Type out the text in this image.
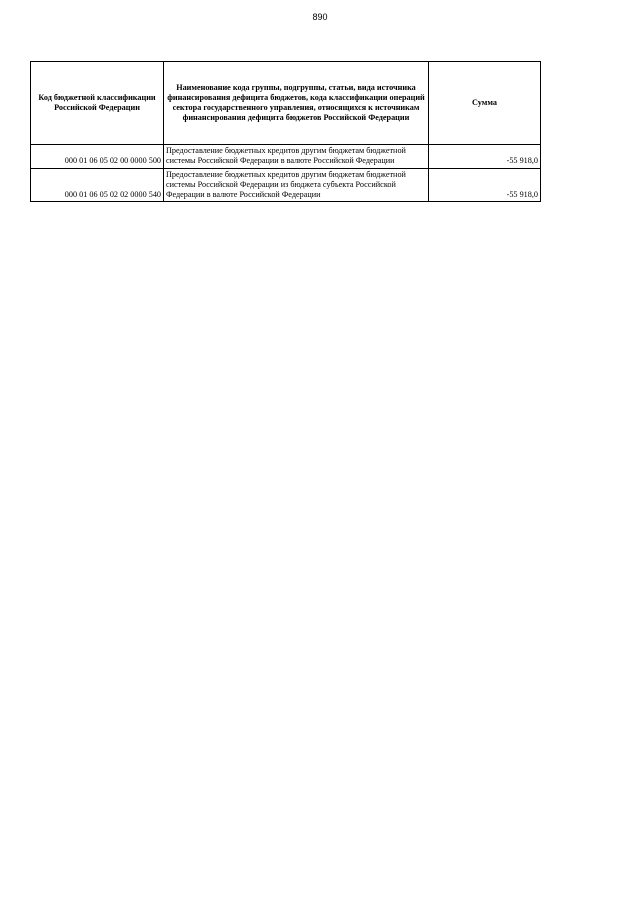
890
Код бюджетной классификации Российской Федерации	Наименование кода группы, подгруппы, статьи, вида источника финансирования дефицита бюджетов, кода классификации операций сектора государственного управления, относящихся к источникам финансирования дефицита бюджетов Российской Федерации	Сумма
000 01 06 05 02 00 0000 500	Предоставление бюджетных кредитов другим бюджетам бюджетной системы Российской Федерации в валюте Российской Федерации	-55 918,0
000 01 06 05 02 02 0000 540	Предоставление бюджетных кредитов другим бюджетам бюджетной системы Российской Федерации из бюджета субъекта Российской Федерации в валюте Российской Федерации	-55 918,0
